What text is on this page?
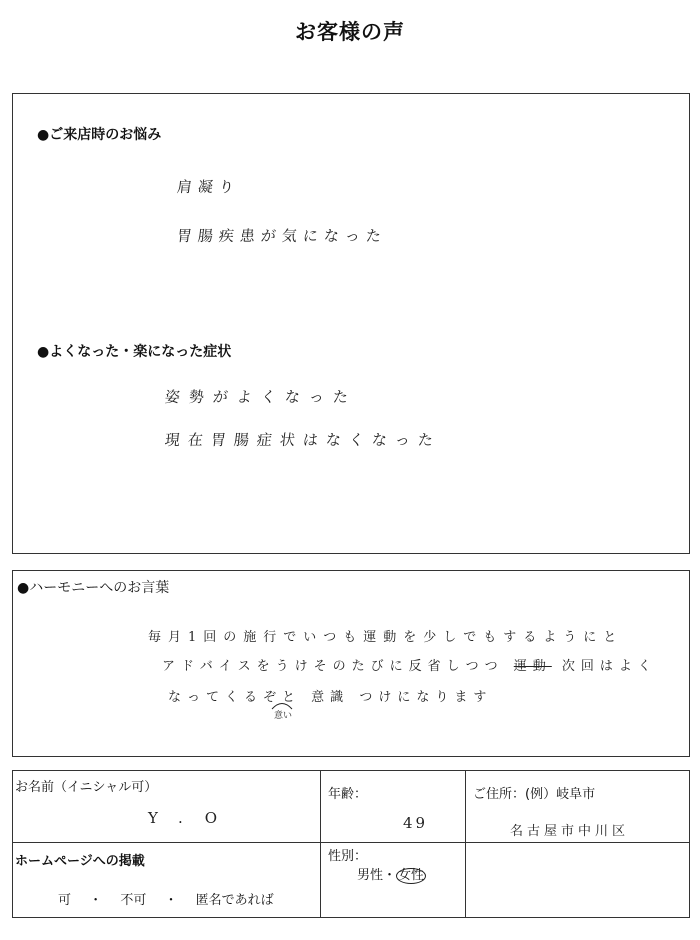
お客様の声
●ご来店時のお悩み
肩凝り
胃腸疾患が気になった
●よくなった・楽になった症状
姿勢がよくなった
現在胃腸症状はなくなった
●ハーモニーへのお言葉
毎月1回の施行でいつも運動を少しでもするようにと
アドバイスをうけそのたびに反省しつつ 運動 次回はよく
なってくるぞと 意識 つけになります
意い
お名前（イニシャル可）
Y.O
年齢：
49
ご住所：(例）岐阜市
名古屋市中川区
ホームページへの掲載
可 ・ 不可 ・ 匿名であれば
性別：
男性・ 女性
